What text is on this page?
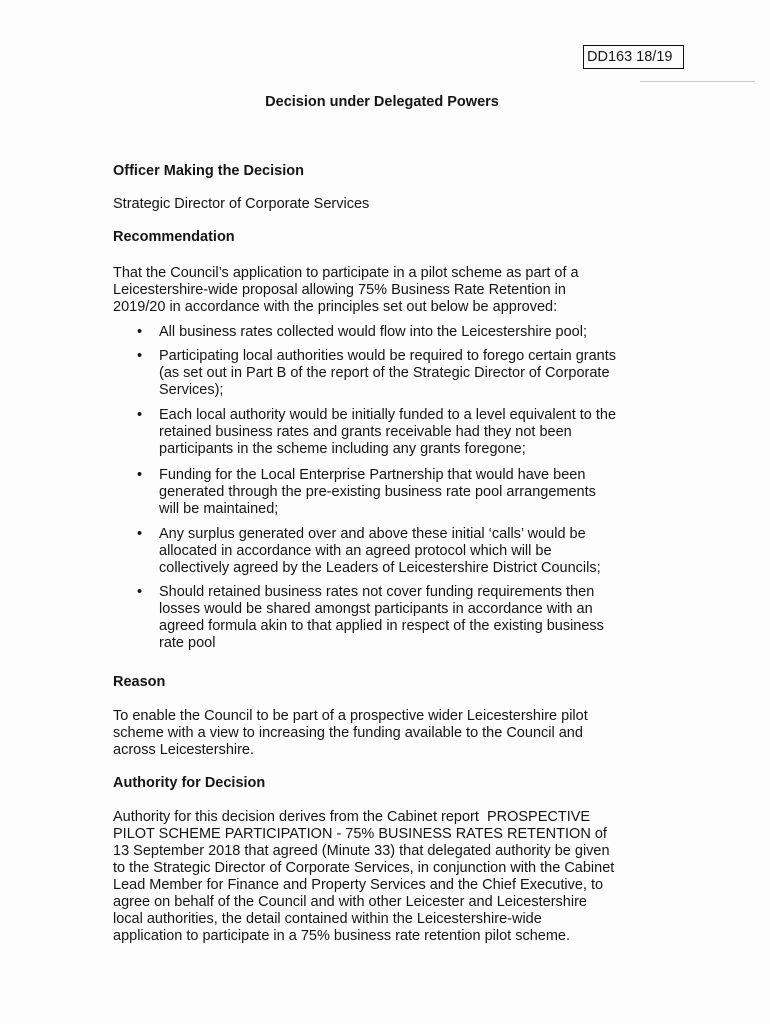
DD163 18/19
Decision under Delegated Powers
Officer Making the Decision
Strategic Director of Corporate Services
Recommendation
That the Council’s application to participate in a pilot scheme as part of a
Leicestershire-wide proposal allowing 75% Business Rate Retention in
2019/20 in accordance with the principles set out below be approved:
• All business rates collected would flow into the Leicestershire pool;
• Participating local authorities would be required to forego certain grants
(as set out in Part B of the report of the Strategic Director of Corporate
Services);
• Each local authority would be initially funded to a level equivalent to the
retained business rates and grants receivable had they not been
participants in the scheme including any grants foregone;
• Funding for the Local Enterprise Partnership that would have been
generated through the pre-existing business rate pool arrangements
will be maintained;
• Any surplus generated over and above these initial ‘calls’ would be
allocated in accordance with an agreed protocol which will be
collectively agreed by the Leaders of Leicestershire District Councils;
• Should retained business rates not cover funding requirements then
losses would be shared amongst participants in accordance with an
agreed formula akin to that applied in respect of the existing business
rate pool
Reason
To enable the Council to be part of a prospective wider Leicestershire pilot
scheme with a view to increasing the funding available to the Council and
across Leicestershire.
Authority for Decision
Authority for this decision derives from the Cabinet report  PROSPECTIVE
PILOT SCHEME PARTICIPATION - 75% BUSINESS RATES RETENTION of
13 September 2018 that agreed (Minute 33) that delegated authority be given
to the Strategic Director of Corporate Services, in conjunction with the Cabinet
Lead Member for Finance and Property Services and the Chief Executive, to
agree on behalf of the Council and with other Leicester and Leicestershire
local authorities, the detail contained within the Leicestershire-wide
application to participate in a 75% business rate retention pilot scheme.
